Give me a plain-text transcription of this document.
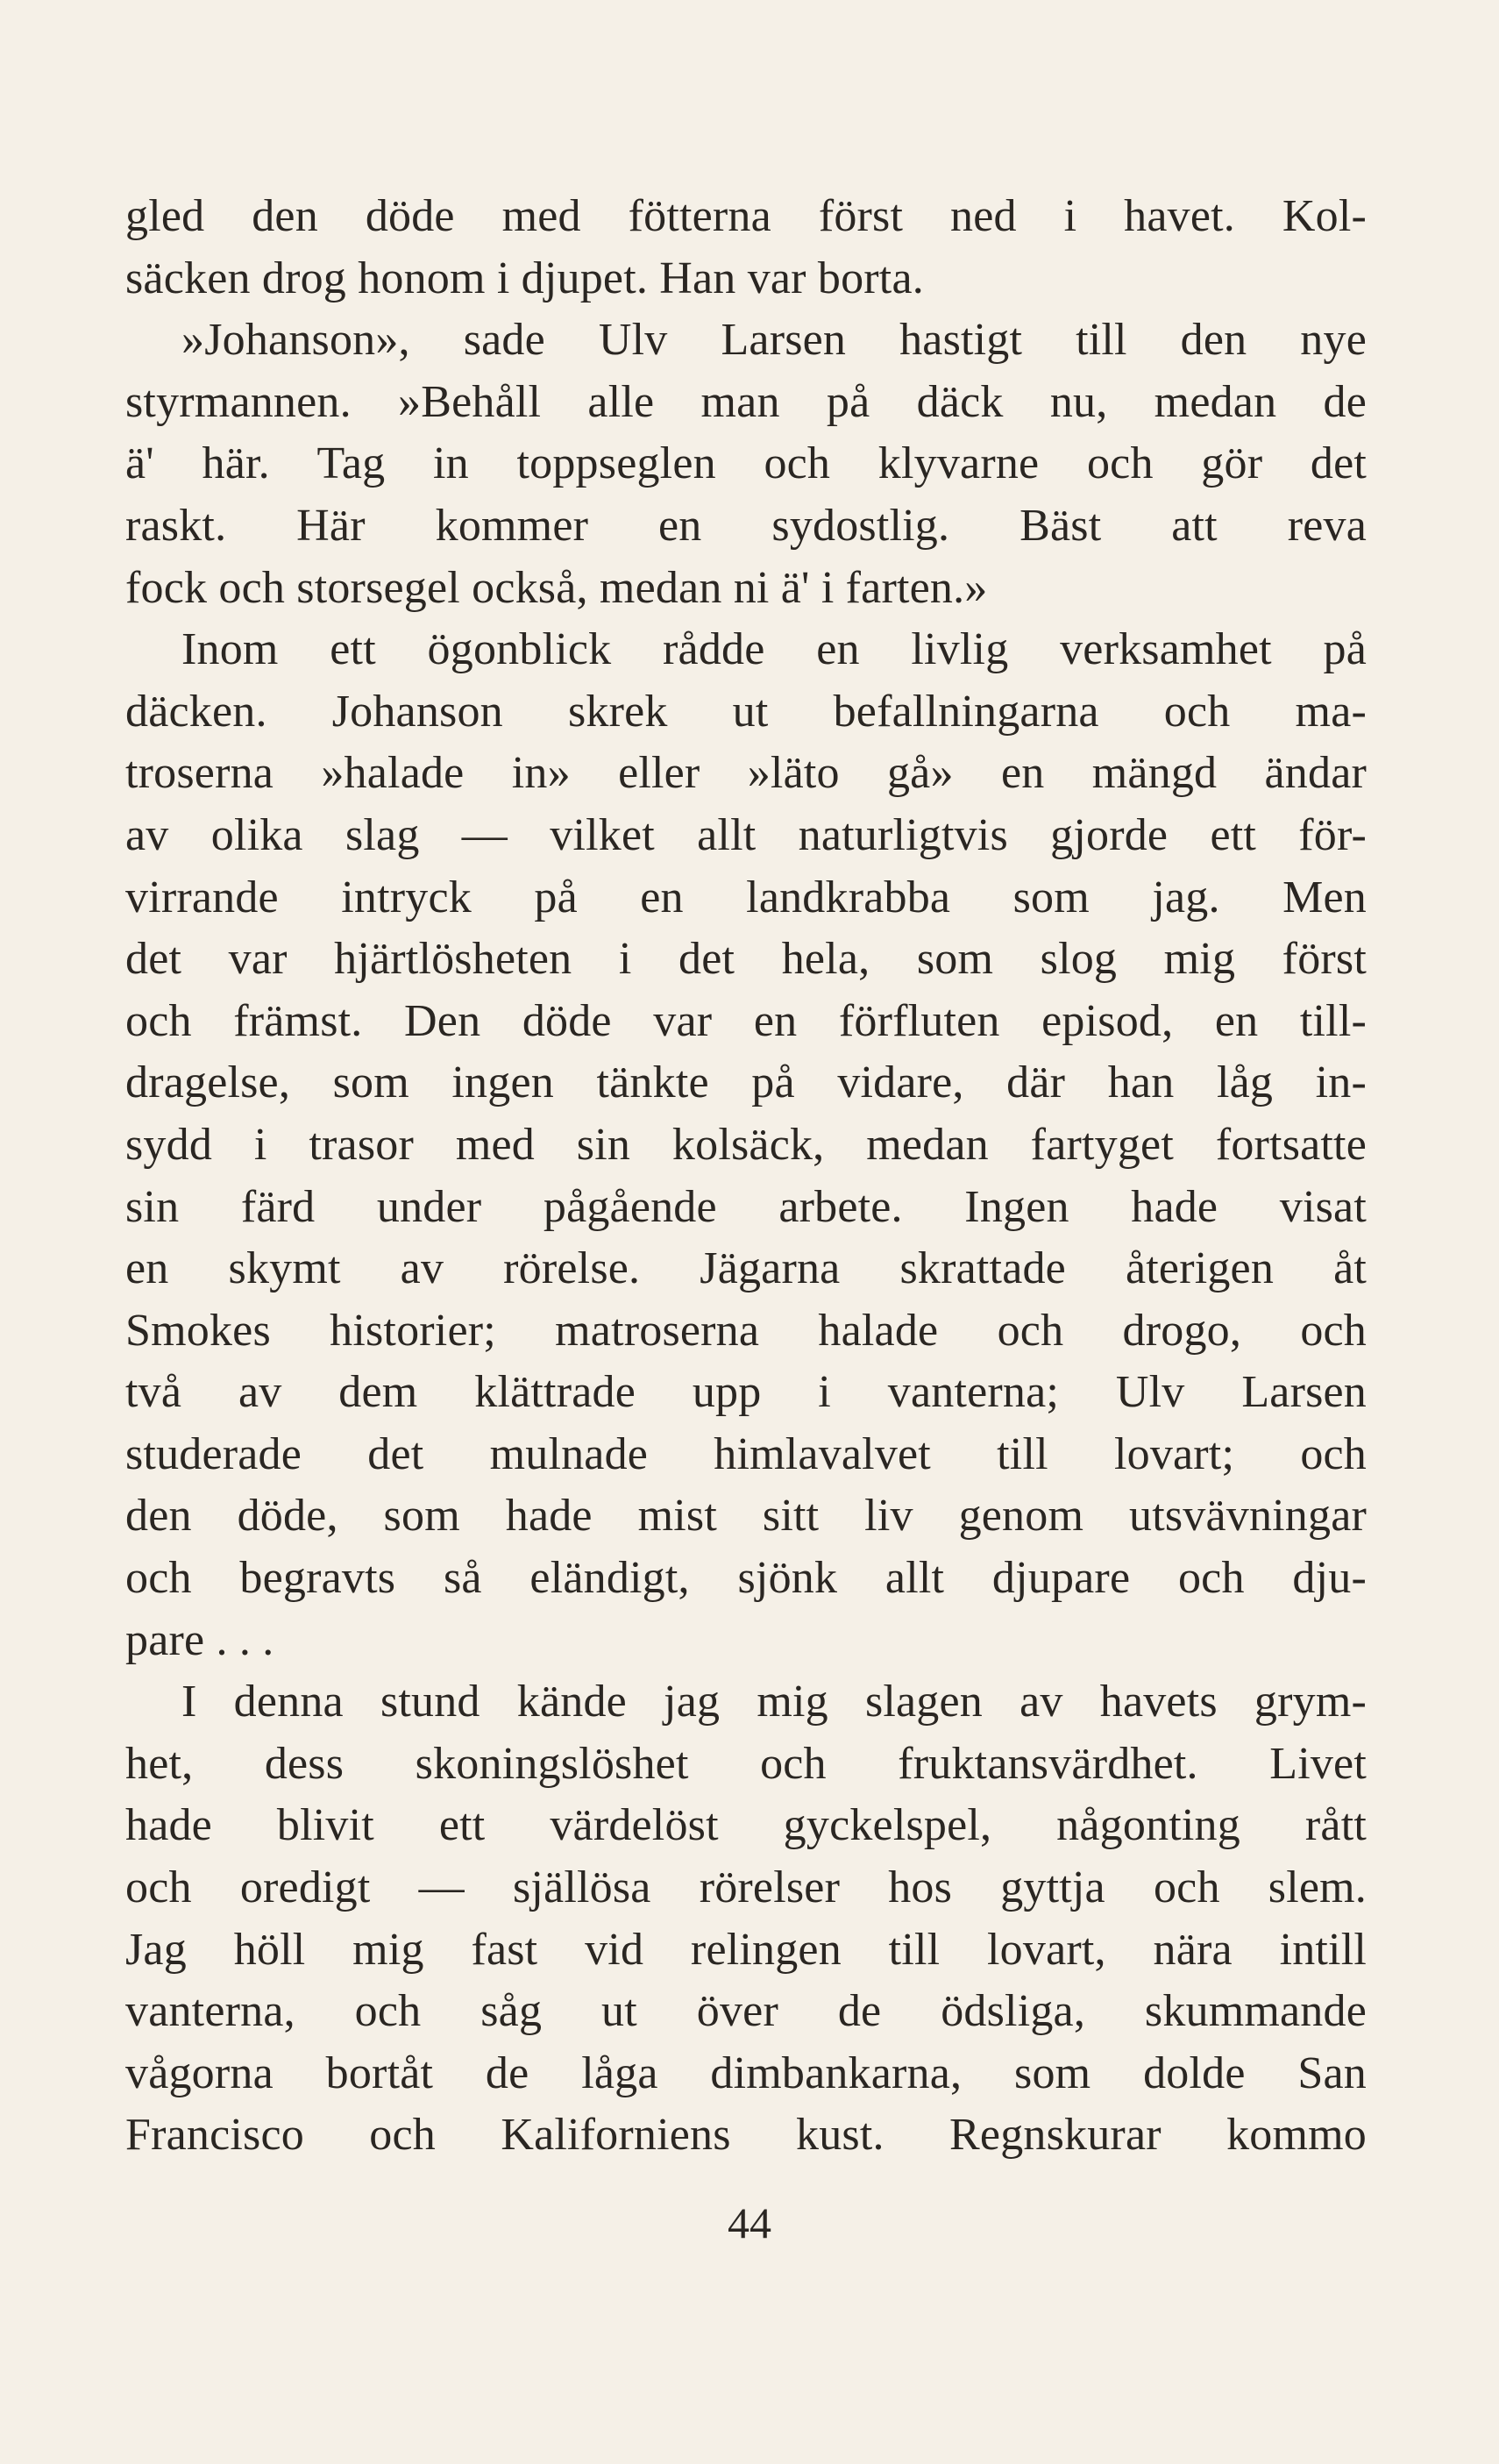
gled den döde med fötterna först ned i havet. Kol-
säcken drog honom i djupet. Han var borta.
»Johanson», sade Ulv Larsen hastigt till den nye
styrmannen. »Behåll alle man på däck nu, medan de
ä' här. Tag in toppseglen och klyvarne och gör det
raskt. Här kommer en sydostlig. Bäst att reva
fock och storsegel också, medan ni ä' i farten.»
Inom ett ögonblick rådde en livlig verksamhet på
däcken. Johanson skrek ut befallningarna och ma-
troserna »halade in» eller »läto gå» en mängd ändar
av olika slag — vilket allt naturligtvis gjorde ett för-
virrande intryck på en landkrabba som jag. Men
det var hjärtlösheten i det hela, som slog mig först
och främst. Den döde var en förfluten episod, en till-
dragelse, som ingen tänkte på vidare, där han låg in-
sydd i trasor med sin kolsäck, medan fartyget fortsatte
sin färd under pågående arbete. Ingen hade visat
en skymt av rörelse. Jägarna skrattade återigen åt
Smokes historier; matroserna halade och drogo, och
två av dem klättrade upp i vanterna; Ulv Larsen
studerade det mulnade himlavalvet till lovart; och
den döde, som hade mist sitt liv genom utsvävningar
och begravts så eländigt, sjönk allt djupare och dju-
pare . . .
I denna stund kände jag mig slagen av havets grym-
het, dess skoningslöshet och fruktansvärdhet. Livet
hade blivit ett värdelöst gyckelspel, någonting rått
och oredigt — själlösa rörelser hos gyttja och slem.
Jag höll mig fast vid relingen till lovart, nära intill
vanterna, och såg ut över de ödsliga, skummande
vågorna bortåt de låga dimbankarna, som dolde San
Francisco och Kaliforniens kust. Regnskurar kommo
44
